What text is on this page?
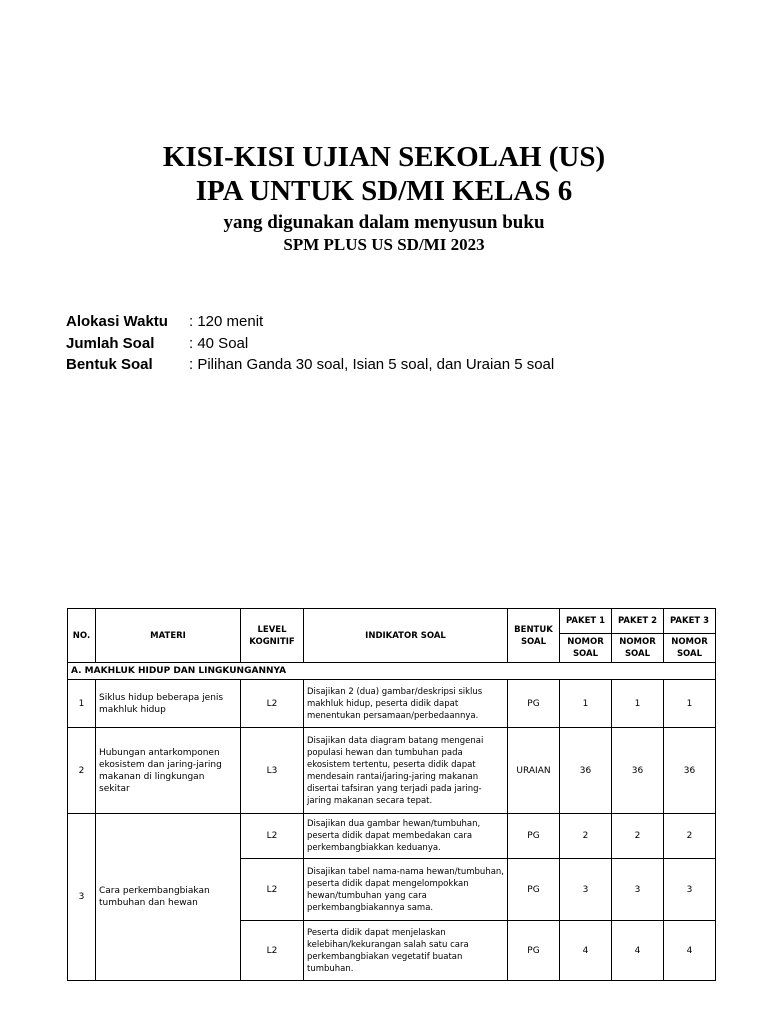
KISI-KISI UJIAN SEKOLAH (US)
IPA UNTUK SD/MI KELAS 6
yang digunakan dalam menyusun buku
SPM PLUS US SD/MI 2023
Alokasi Waktu	: 120 menit
Jumlah Soal	: 40 Soal
Bentuk Soal	: Pilihan Ganda 30 soal, Isian 5 soal, dan Uraian 5 soal
NO.	MATERI	LEVEL KOGNITIF	INDIKATOR SOAL	BENTUK SOAL	PAKET 1	PAKET 2	PAKET 3
					NOMOR SOAL	NOMOR SOAL	NOMOR SOAL
A. MAKHLUK HIDUP DAN LINGKUNGANNYA							
1	Siklus hidup beberapa jenis makhluk hidup	L2	Disajikan 2 (dua) gambar/deskripsi siklus makhluk hidup, peserta didik dapat menentukan persamaan/perbedaannya.	PG	1	1	1
2	Hubungan antarkomponen ekosistem dan jaring-jaring makanan di lingkungan sekitar	L3	Disajikan data diagram batang mengenai populasi hewan dan tumbuhan pada ekosistem tertentu, peserta didik dapat mendesain rantai/jaring-jaring makanan disertai tafsiran yang terjadi pada jaring-jaring makanan secara tepat.	URAIAN	36	36	36
3	Cara perkembangbiakan tumbuhan dan hewan	L2	Disajikan dua gambar hewan/tumbuhan, peserta didik dapat membedakan cara perkembangbiakkan keduanya.	PG	2	2	2
		L2	Disajikan tabel nama-nama hewan/tumbuhan, peserta didik dapat mengelompokkan hewan/tumbuhan yang cara perkembangbiakannya sama.	PG	3	3	3
		L2	Peserta didik dapat menjelaskan kelebihan/kekurangan salah satu cara perkembangbiakan vegetatif buatan tumbuhan.	PG	4	4	4
